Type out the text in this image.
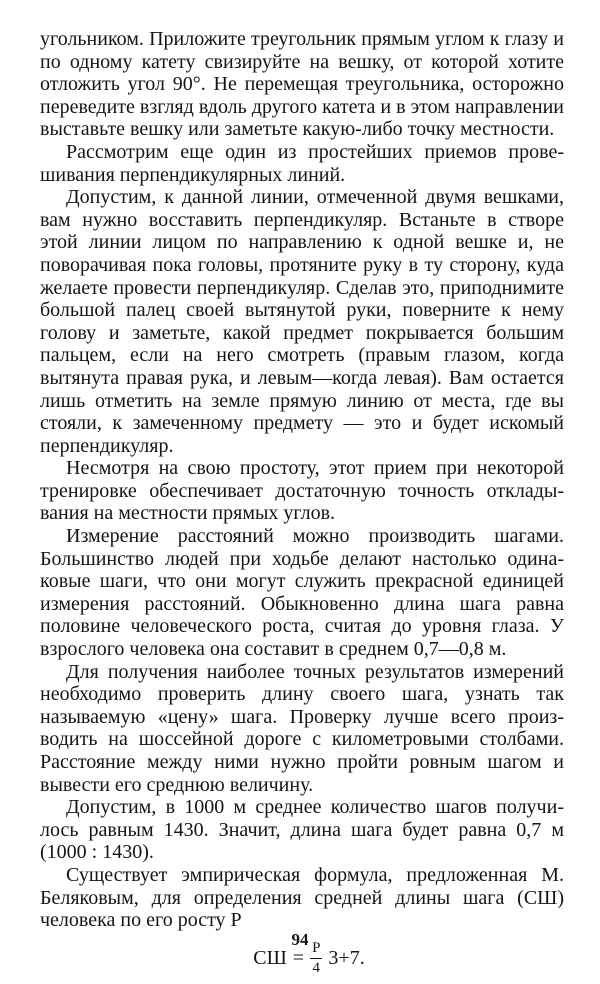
угольником. Приложите треугольник прямым углом к глазу и по одному катету свизируйте на вешку, от которой хотите отложить угол 90°. Не перемещая треугольника, осторожно переведите взгляд вдоль другого катета и в этом направлении выставьте вешку или заметьте какую-либо точку местности.

Рассмотрим еще один из простейших приемов провешивания перпендикулярных линий.

Допустим, к данной линии, отмеченной двумя вешками, вам нужно восставить перпендикуляр. Встаньте в створе этой линии лицом по направлению к одной вешке и, не поворачивая пока головы, протяните руку в ту сторону, куда желаете провести перпендикуляр. Сделав это, приподнимите большой палец своей вытянутой руки, поверните к нему голову и заметьте, какой предмет покрывается большим пальцем, если на него смотреть (правым глазом, когда вытянута правая рука, и левым—когда левая). Вам остается лишь отметить на земле прямую линию от места, где вы стояли, к замеченному предмету — это и будет искомый перпендикуляр.

Несмотря на свою простоту, этот прием при некоторой тренировке обеспечивает достаточную точность откладывания на местности прямых углов.

Измерение расстояний можно производить шагами. Большинство людей при ходьбе делают настолько одинаковые шаги, что они могут служить прекрасной единицей измерения расстояний. Обыкновенно длина шага равна половине человеческого роста, считая до уровня глаза. У взрослого человека она составит в среднем 0,7—0,8 м.

Для получения наиболее точных результатов измерений необходимо проверить длину своего шага, узнать так называемую «цену» шага. Проверку лучше всего производить на шоссейной дороге с километровыми столбами. Расстояние между ними нужно пройти ровным шагом и вывести его среднюю величину.

Допустим, в 1000 м среднее количество шагов получилось равным 1430. Значит, длина шага будет равна 0,7 м (1000 : 1430).

Существует эмпирическая формула, предложенная М. Беляковым, для определения средней длины шага (СШ) человека по его росту Р

СШ = $\frac{Р}{4} 3+7$.
94
